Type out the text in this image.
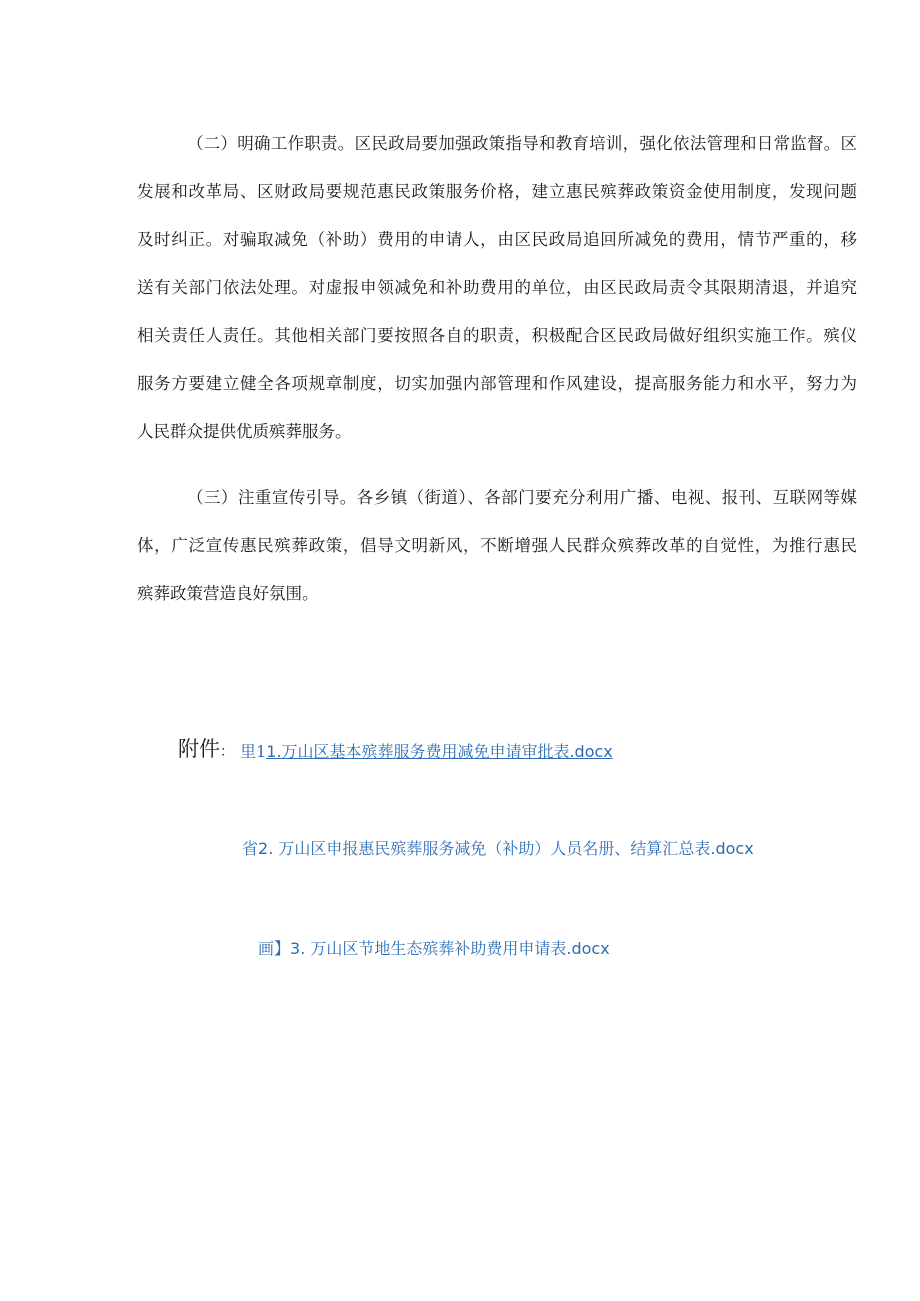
（二）明确工作职责。区民政局要加强政策指导和教育培训，强化依法管理和日常监督。区
发展和改革局、区财政局要规范惠民政策服务价格，建立惠民殡葬政策资金使用制度，发现问题
及时纠正。对骗取减免（补助）费用的申请人，由区民政局追回所减免的费用，情节严重的，移
送有关部门依法处理。对虚报申领减免和补助费用的单位，由区民政局责令其限期清退，并追究
相关责任人责任。其他相关部门要按照各自的职责，积极配合区民政局做好组织实施工作。殡仪
服务方要建立健全各项规章制度，切实加强内部管理和作风建设，提高服务能力和水平，努力为
人民群众提供优质殡葬服务。
（三）注重宣传引导。各乡镇（街道）、各部门要充分利用广播、电视、报刊、互联网等媒
体，广泛宣传惠民殡葬政策，倡导文明新风，不断增强人民群众殡葬改革的自觉性，为推行惠民
殡葬政策营造良好氛围。
附件： 里11.万山区基本殡葬服务费用减免申请审批表.docx
省2. 万山区申报惠民殡葬服务减免（补助）人员名册、结算汇总表.docx
画】3. 万山区节地生态殡葬补助费用申请表.docx
